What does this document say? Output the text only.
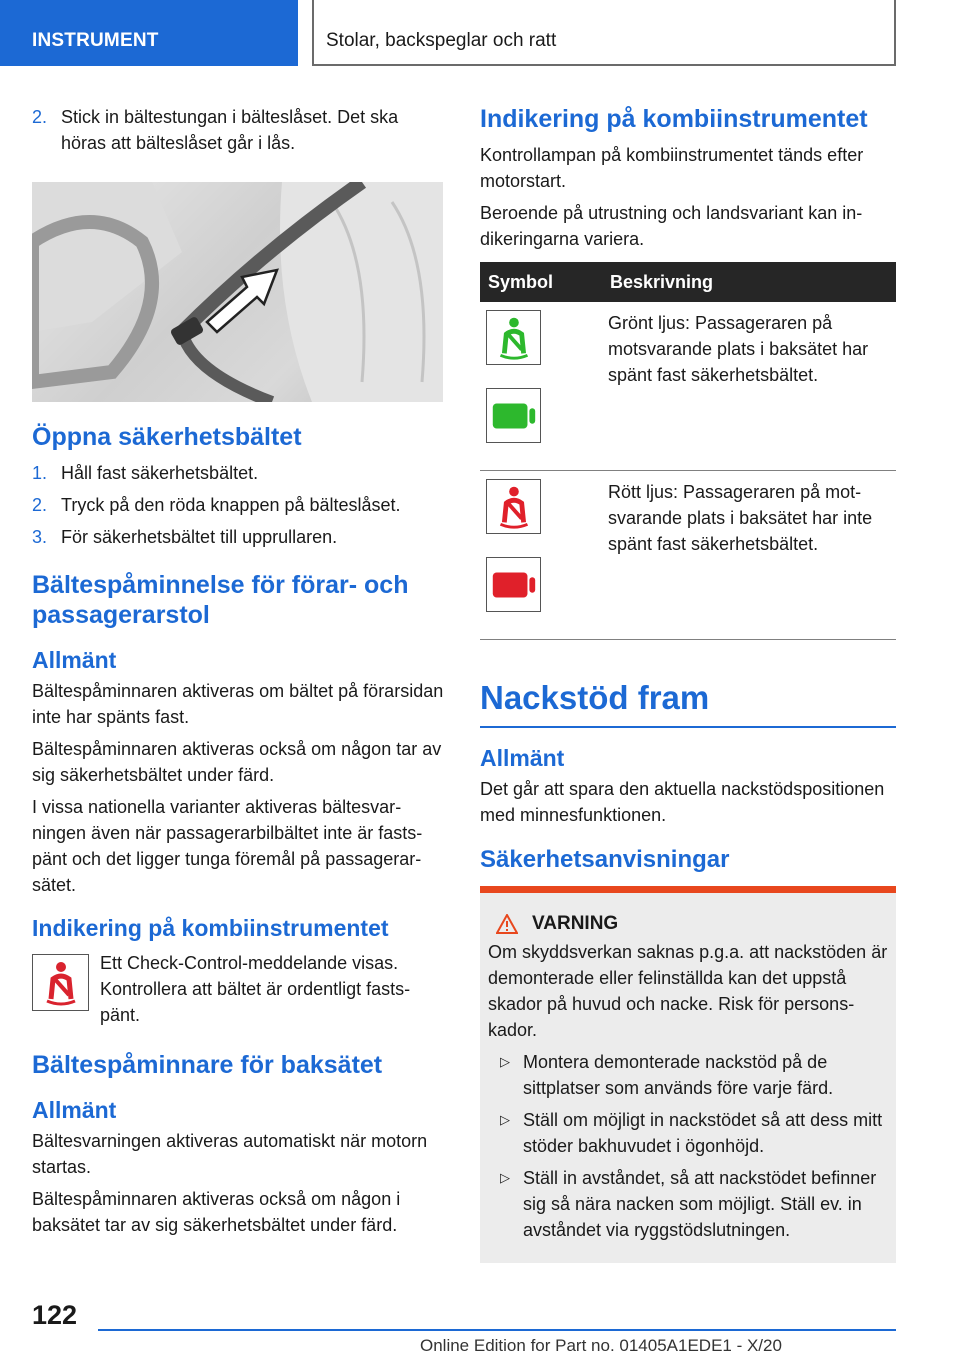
INSTRUMENT	Stolar, backspeglar och ratt
2. Stick in bältestungan i bälteslåset. Det ska höras att bälteslåset går i lås.
Öppna säkerhetsbältet
1. Håll fast säkerhetsbältet.
2. Tryck på den röda knappen på bälteslåset.
3. För säkerhetsbältet till upprullaren.
Bältespåminnelse för förar- och passagerarstol
Allmänt

Bältespåminnaren aktiveras om bältet på förarsidan inte har spänts fast.

Bältespåminnaren aktiveras också om någon tar av sig säkerhetsbältet under färd.

I vissa nationella varianter aktiveras bältesvarningen även när passagerarbilbältet inte är fastspänt och det ligger tunga föremål på passagerarsätet.

Indikering på kombiinstrumentet

Ett Check-Control-meddelande visas. Kontrollera att bältet är ordentligt fastspänt.

Bältespåminnare för baksätet
Allmänt

Bältesvarningen aktiveras automatiskt när motorn startas.

Bältespåminnaren aktiveras också om någon i baksätet tar av sig säkerhetsbältet under färd.

Indikering på kombiinstrumentet

Kontrollampan på kombiinstrumentet tänds efter motorstart.

Beroende på utrustning och landsvariant kan indikeringarna variera.

Symbol	Beskrivning

	Grönt ljus: Passageraren på motsvarande plats i baksätet har spänt fast säkerhetsbältet.

	Rött ljus: Passageraren på motsvarande plats i baksätet har inte spänt fast säkerhetsbältet.
Nackstöd fram
Allmänt

Det går att spara den aktuella nackstödspositionen med minnesfunktionen.

Säkerhetsanvisningar
VARNING

Om skyddsverkan saknas p.g.a. att nackstöden är demonterade eller felinställda kan det uppstå skador på huvud och nacke. Risk för personskador.

▷ Montera demonterade nackstöd på de sittplatser som används före varje färd.
▷ Ställ om möjligt in nackstödet så att dess mitt stöder bakhuvudet i ögonhöjd.
▷ Ställ in avståndet, så att nackstödet befinner sig så nära nacken som möjligt. Ställ ev. in avståndet via ryggstödslutningen.
122
Online Edition for Part no. 01405A1EDE1 - X/20
